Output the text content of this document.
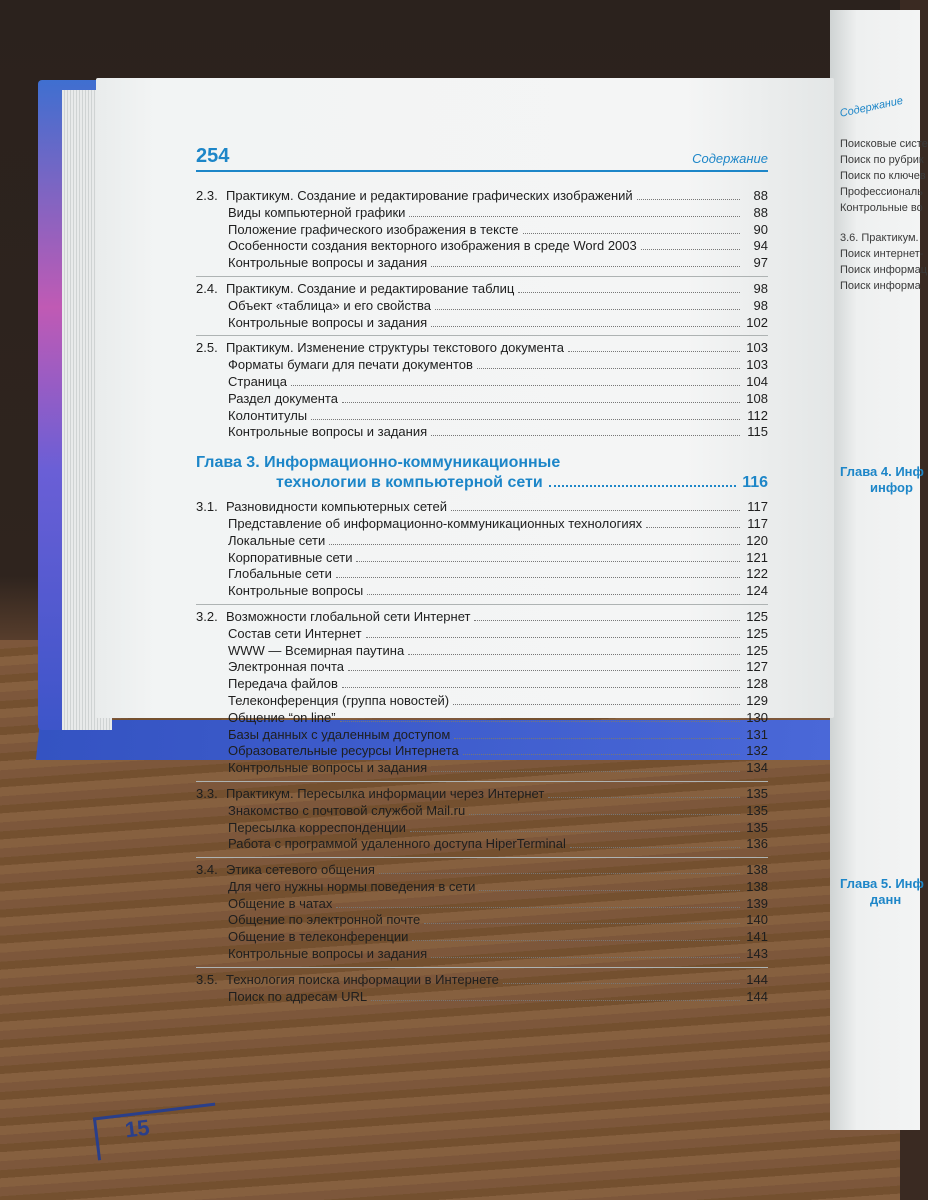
Содержание
Поисковые систе
Поиск по рубрик
Поиск по ключев
Профессиональ
Контрольные во
3.6. Практикум.
Поиск интернет-
Поиск информац
Поиск информа
Глава 4. Инф
инфор
Глава 5. Инф
данн
254	Содержание
2.3. Практикум. Создание и редактирование графических изображений	88
Виды компьютерной графики	88
Положение графического изображения в тексте	90
Особенности создания векторного изображения в среде Word 2003	94
Контрольные вопросы и задания	97
2.4. Практикум. Создание и редактирование таблиц	98
Объект «таблица» и его свойства	98
Контрольные вопросы и задания	102
2.5. Практикум. Изменение структуры текстового документа	103
Форматы бумаги для печати документов	103
Страница	104
Раздел документа	108
Колонтитулы	112
Контрольные вопросы и задания	115
Глава 3. Информационно-коммуникационные
технологии в компьютерной сети	116
3.1. Разновидности компьютерных сетей	117
Представление об информационно-коммуникационных технологиях	117
Локальные сети	120
Корпоративные сети	121
Глобальные сети	122
Контрольные вопросы	124
3.2. Возможности глобальной сети Интернет	125
Состав сети Интернет	125
WWW — Всемирная паутина	125
Электронная почта	127
Передача файлов	128
Телеконференция (группа новостей)	129
Общение “on line”	130
Базы данных с удаленным доступом	131
Образовательные ресурсы Интернета	132
Контрольные вопросы и задания	134
3.3. Практикум. Пересылка информации через Интернет	135
Знакомство с почтовой службой Mail.ru	135
Пересылка корреспонденции	135
Работа с программой удаленного доступа HiperTerminal	136
3.4. Этика сетевого общения	138
Для чего нужны нормы поведения в сети	138
Общение в чатах	139
Общение по электронной почте	140
Общение в телеконференции	141
Контрольные вопросы и задания	143
3.5. Технология поиска информации в Интернете	144
Поиск по адресам URL	144
15
